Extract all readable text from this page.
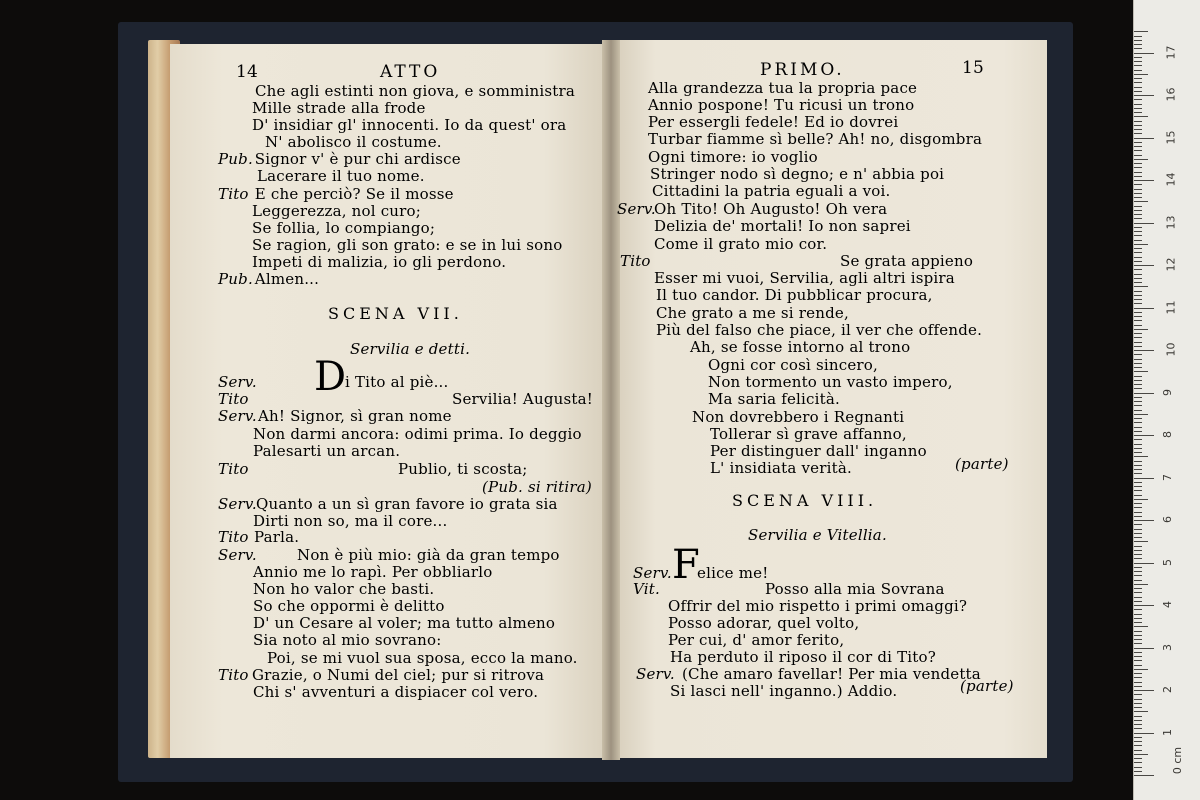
14	ATTO
Che agli estinti non giova, e somministra
Mille strade alla frode
D' insidiar gl' innocenti. Io da quest' ora
N' abolisco il costume.
Pub. Signor v' è pur chi ardisce
Lacerare il tuo nome.
Tito E che perciò? Se il mosse
Leggerezza, nol curo;
Se follia, lo compiango;
Se ragion, gli son grato: e se in lui sono
Impeti di malizia, io gli perdono.
Pub. Almen...
SCENA VII.
Servilia e detti.
D
Serv.	i Tito al piè...
Tito	Servilia! Augusta!
Serv. Ah! Signor, sì gran nome
Non darmi ancora: odimi prima. Io deggio
Palesarti un arcan.
Tito	Publio, ti scosta;
(Pub. si ritira)
Serv. Quanto a un sì gran favore io grata sia
Dirti non so, ma il core...
Tito Parla.
Serv.	Non è più mio: già da gran tempo
Annio me lo rapì. Per obbliarlo
Non ho valor che basti.
So che oppormi è delitto
D' un Cesare al voler; ma tutto almeno
Sia noto al mio sovrano:
Poi, se mi vuol sua sposa, ecco la mano.
Tito Grazie, o Numi del ciel; pur si ritrova
Chi s' avventuri a dispiacer col vero.
PRIMO.	15
Alla grandezza tua la propria pace
Annio pospone! Tu ricusi un trono
Per essergli fedele! Ed io dovrei
Turbar fiamme sì belle? Ah! no, disgombra
Ogni timore: io voglio
Stringer nodo sì degno; e n' abbia poi
Cittadini la patria eguali a voi.
Serv.
Oh Tito! Oh Augusto! Oh vera
Delizia de' mortali! Io non saprei
Come il grato mio cor.
Tito	Se grata appieno
Esser mi vuoi, Servilia, agli altri ispira
Il tuo candor. Di pubblicar procura,
Che grato a me si rende,
Più del falso che piace, il ver che offende.
Ah, se fosse intorno al trono
Ogni cor così sincero,
Non tormento un vasto impero,
Ma saria felicità.
Non dovrebbero i Regnanti
Tollerar sì grave affanno,
Per distinguer dall' inganno
L' insidiata verità.	(parte)
SCENA VIII.
Servilia e Vitellia.
F
Serv. elice me!
Vit.	Posso alla mia Sovrana
Offrir del mio rispetto i primi omaggi?
Posso adorar, quel volto,
Per cui, d' amor ferito,
Ha perduto il riposo il cor di Tito?
Serv. (Che amaro favellar! Per mia vendetta
Si lasci nell' inganno.) Addio.	(parte)
0 cm
1
2
3
4
5
6
7
8
9
10
11
12
13
14
15
16
17
